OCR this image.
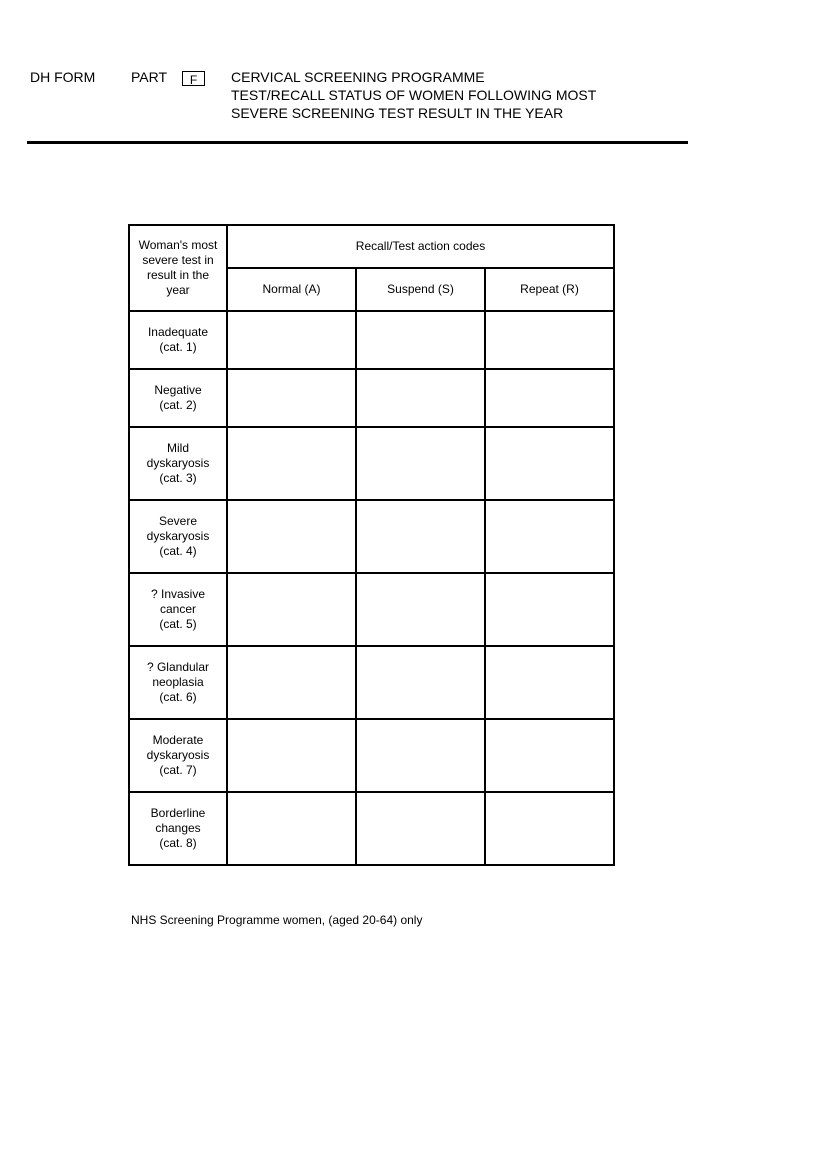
DH FORM	PART	F	CERVICAL SCREENING PROGRAMME
TEST/RECALL STATUS OF WOMEN FOLLOWING MOST
SEVERE SCREENING TEST RESULT IN THE YEAR
Woman's most
severe test in
result in the
year	Recall/Test action codes		
	Normal (A)	Suspend (S)	Repeat (R)

Inadequate
(cat. 1)			

Negative
(cat. 2)			

Mild
dyskaryosis
(cat. 3)			

Severe
dyskaryosis
(cat. 4)			

? Invasive
cancer
(cat. 5)			

? Glandular
neoplasia
(cat. 6)			

Moderate
dyskaryosis
(cat. 7)			

Borderline
changes
(cat. 8)			

NHS Screening Programme women, (aged 20-64) only
